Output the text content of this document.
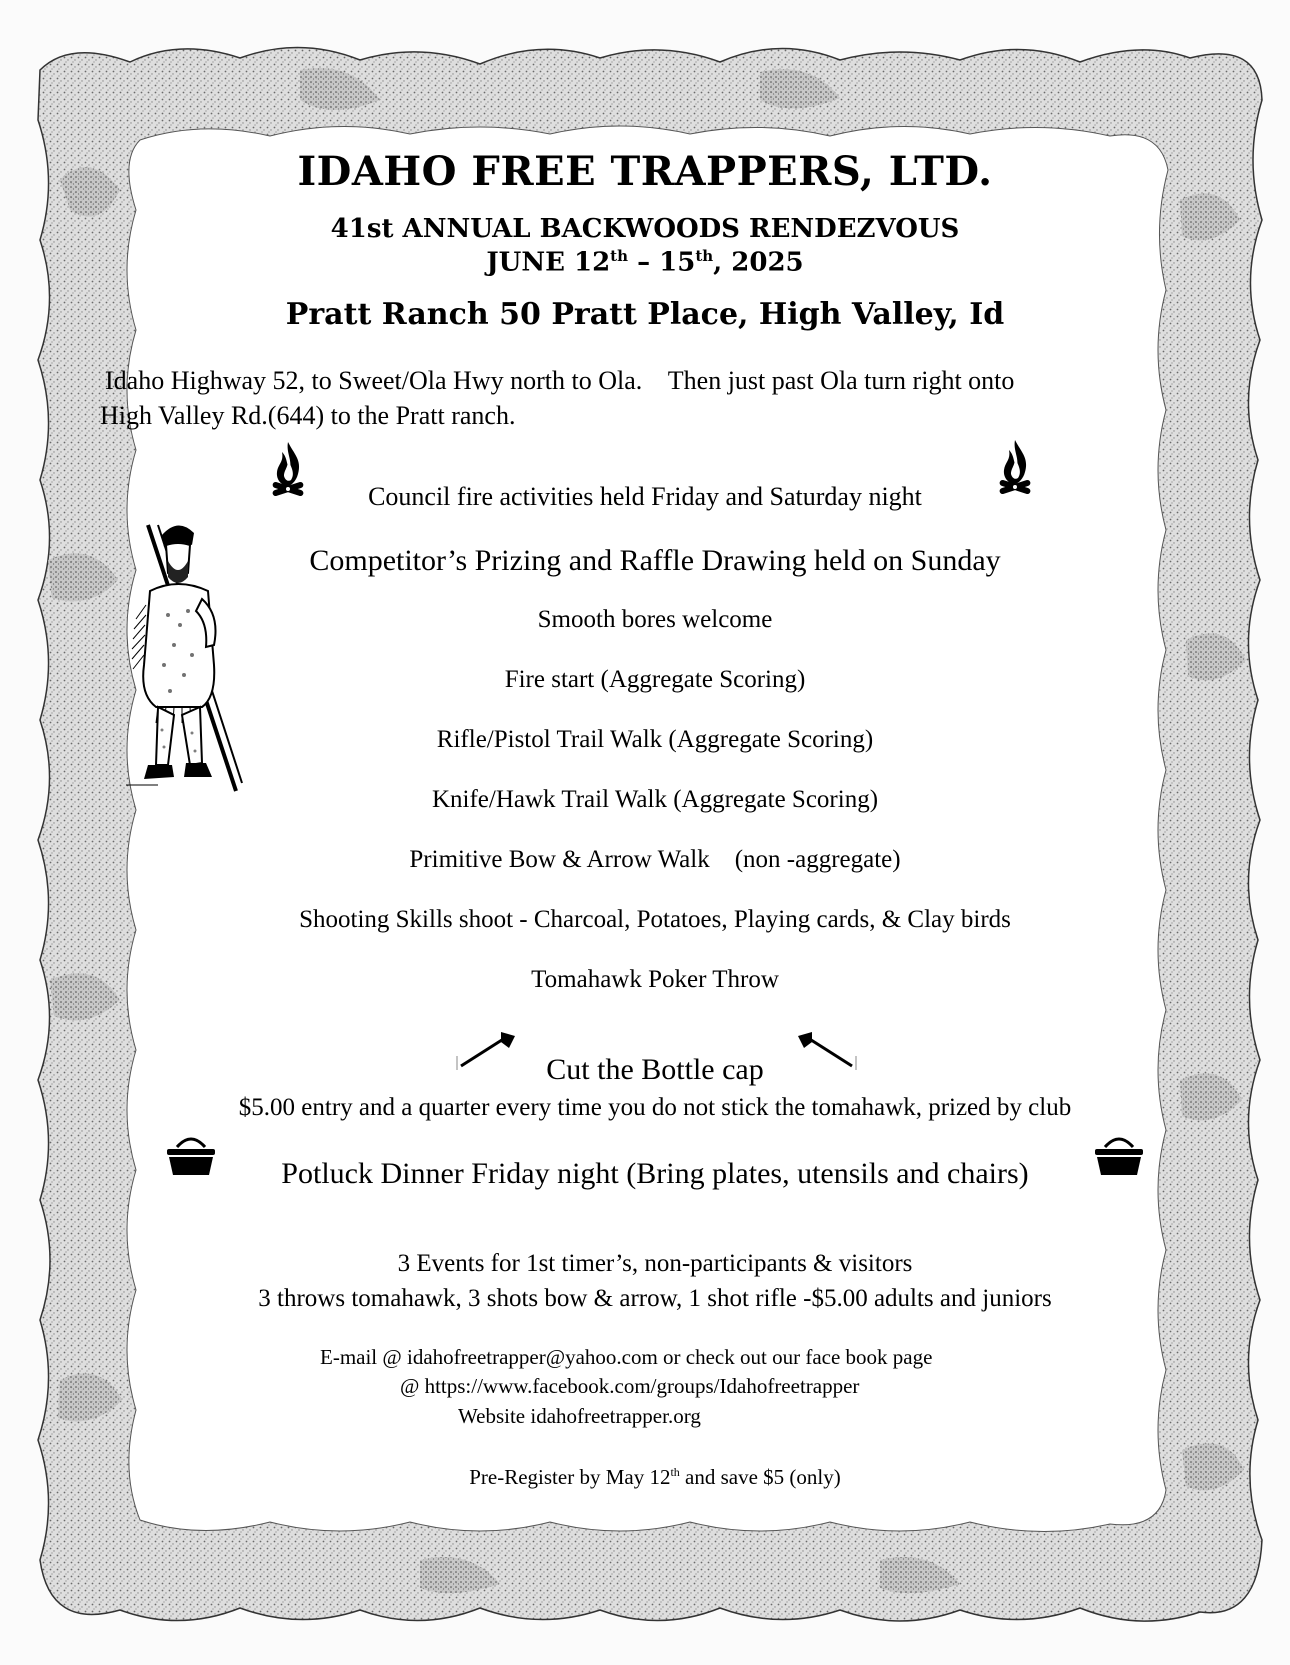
IDAHO FREE TRAPPERS, LTD.
41st ANNUAL BACKWOODS RENDEZVOUS
JUNE 12th – 15th, 2025
Pratt Ranch 50 Pratt Place, High Valley, Id
Idaho Highway 52, to Sweet/Ola Hwy north to Ola.    Then just past Ola turn right onto
High Valley Rd.(644) to the Pratt ranch.
Council fire activities held Friday and Saturday night
Competitor’s Prizing and Raffle Drawing held on Sunday
Smooth bores welcome
Fire start (Aggregate Scoring)
Rifle/Pistol Trail Walk (Aggregate Scoring)
Knife/Hawk Trail Walk (Aggregate Scoring)
Primitive Bow & Arrow Walk    (non -aggregate)
Shooting Skills shoot - Charcoal, Potatoes, Playing cards, & Clay birds
Tomahawk Poker Throw
Cut the Bottle cap
$5.00 entry and a quarter every time you do not stick the tomahawk, prized by club
Potluck Dinner Friday night (Bring plates, utensils and chairs)
3 Events for 1st timer’s, non-participants & visitors
3 throws tomahawk, 3 shots bow & arrow, 1 shot rifle -$5.00 adults and juniors
E-mail @ idahofreetrapper@yahoo.com or check out our face book page
@ https://www.facebook.com/groups/Idahofreetrapper
Website idahofreetrapper.org
Pre-Register by May 12th and save $5 (only)
